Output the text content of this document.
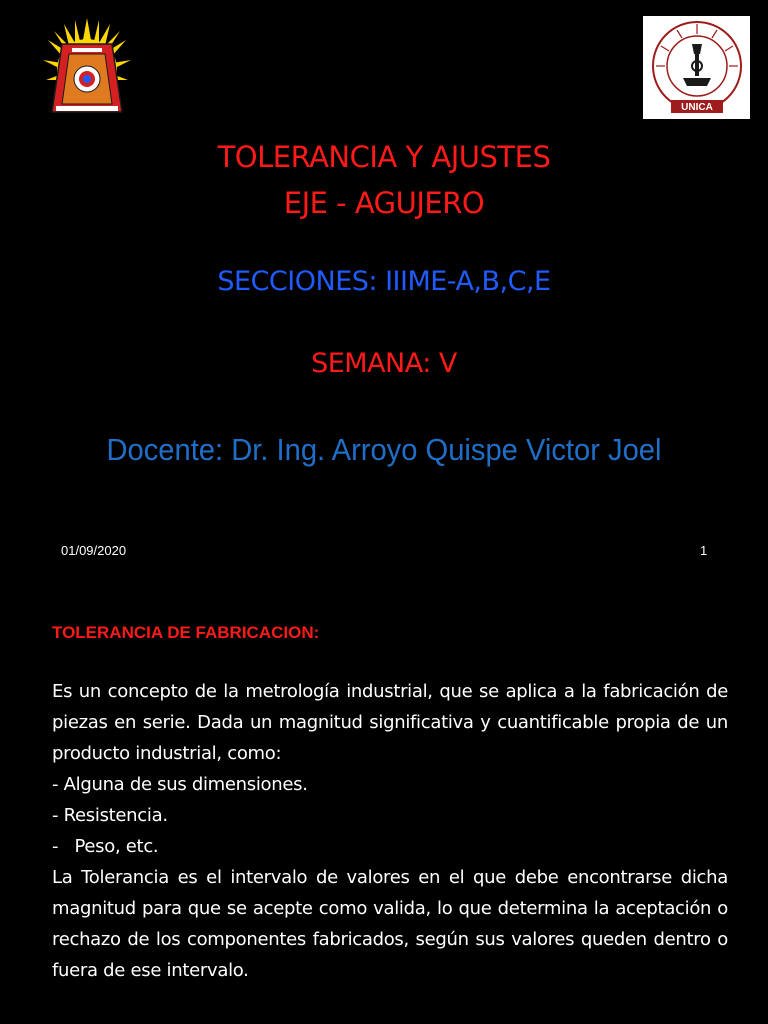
UNICA
TOLERANCIA Y AJUSTES
EJE - AGUJERO
SECCIONES: IIIME-A,B,C,E
SEMANA: V
Docente: Dr. Ing. Arroyo Quispe Victor Joel
01/09/2020	1
TOLERANCIA DE FABRICACION:

Es un concepto de la metrología industrial, que se aplica a la fabricación de piezas en serie. Dada un magnitud significativa y cuantificable propia de un producto industrial, como:

- Alguna de sus dimensiones.

- Resistencia.

-   Peso, etc.

La Tolerancia es el intervalo de valores en el que debe encontrarse dicha magnitud para que se acepte como valida, lo que determina la aceptación o rechazo de los componentes fabricados, según sus valores queden dentro o fuera de ese intervalo.
